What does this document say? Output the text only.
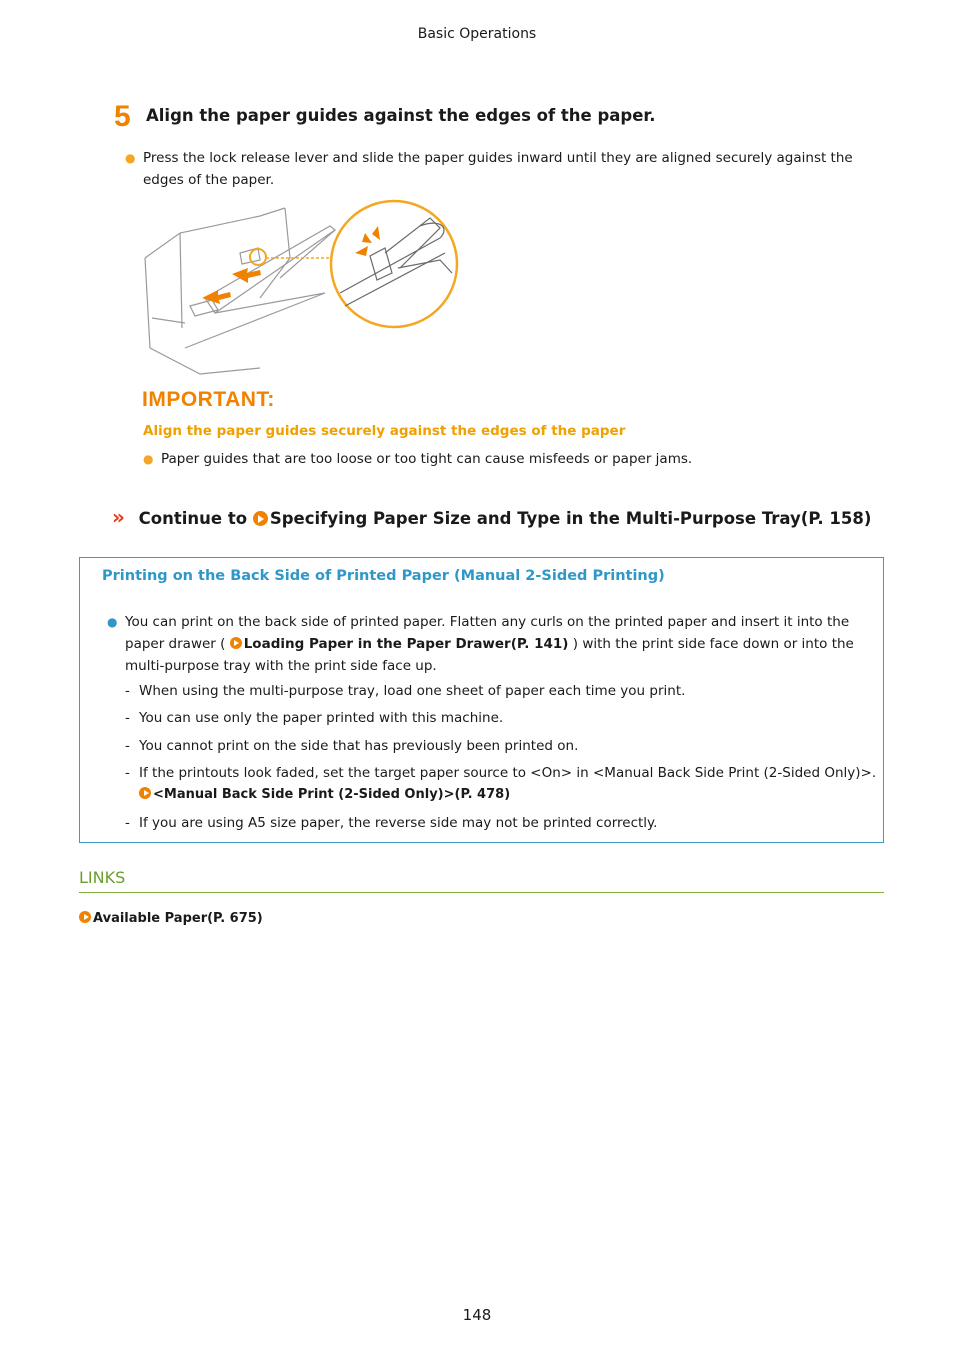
Basic Operations
5 Align the paper guides against the edges of the paper.
● Press the lock release lever and slide the paper guides inward until they are aligned securely against the edges of the paper.
IMPORTANT:
Align the paper guides securely against the edges of the paper
● Paper guides that are too loose or too tight can cause misfeeds or paper jams.
» Continue to Specifying Paper Size and Type in the Multi-Purpose Tray(P. 158)
Printing on the Back Side of Printed Paper (Manual 2-Sided Printing)
● You can print on the back side of printed paper. Flatten any curls on the printed paper and insert it into the paper drawer ( Loading Paper in the Paper Drawer(P. 141) ) with the print side face down or into the multi-purpose tray with the print side face up.
- When using the multi-purpose tray, load one sheet of paper each time you print.
- You can use only the paper printed with this machine.
- You cannot print on the side that has previously been printed on.
- If the printouts look faded, set the target paper source to <On> in <Manual Back Side Print (2-Sided Only)>.
<Manual Back Side Print (2-Sided Only)>(P. 478)
- If you are using A5 size paper, the reverse side may not be printed correctly.
LINKS
Available Paper(P. 675)
148
